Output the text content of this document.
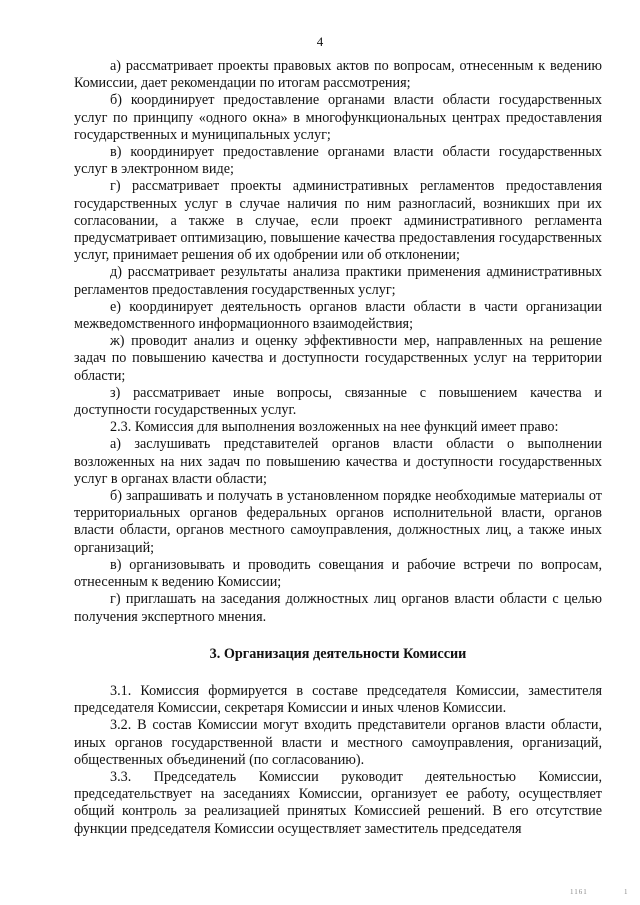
4

а) рассматривает проекты правовых актов по вопросам, отнесенным к ведению Комиссии, дает рекомендации по итогам рассмотрения;

б) координирует предоставление органами власти области государственных услуг по принципу «одного окна» в многофункциональных центрах предоставления государственных и муниципальных услуг;

в) координирует предоставление органами власти области государственных услуг в электронном виде;

г) рассматривает проекты административных регламентов предоставления государственных услуг в случае наличия по ним разногласий, возникших при их согласовании, а также в случае, если проект административного регламента предусматривает оптимизацию, повышение качества предоставления государственных услуг, принимает решения об их одобрении или об отклонении;

д) рассматривает результаты анализа практики применения административных регламентов предоставления государственных услуг;

е) координирует деятельность органов власти области в части организации межведомственного информационного взаимодействия;

ж) проводит анализ и оценку эффективности мер, направленных на решение задач по повышению качества и доступности государственных услуг на территории области;

з) рассматривает иные вопросы, связанные с повышением качества и доступности государственных услуг.

2.3. Комиссия для выполнения возложенных на нее функций имеет право:

а) заслушивать представителей органов власти области о выполнении возложенных на них задач по повышению качества и доступности государственных услуг в органах власти области;

б) запрашивать и получать в установленном порядке необходимые материалы от территориальных органов федеральных органов исполнительной власти, органов власти области, органов местного самоуправления, должностных лиц, а также иных организаций;

в) организовывать и проводить совещания и рабочие встречи по вопросам, отнесенным к ведению Комиссии;

г) приглашать на заседания должностных лиц органов власти области с целью получения экспертного мнения.

3. Организация деятельности Комиссии

3.1. Комиссия формируется в составе председателя Комиссии, заместителя председателя Комиссии, секретаря Комиссии и иных членов Комиссии.

3.2. В состав Комиссии могут входить представители органов власти области, иных органов государственной власти и местного самоуправления, организаций, общественных объединений (по согласованию).

3.3. Председатель Комиссии руководит деятельностью Комиссии, председательствует на заседаниях Комиссии, организует ее работу, осуществляет общий контроль за реализацией принятых Комиссией решений. В его отсутствие функции председателя Комиссии осуществляет заместитель председателя

1161	1
